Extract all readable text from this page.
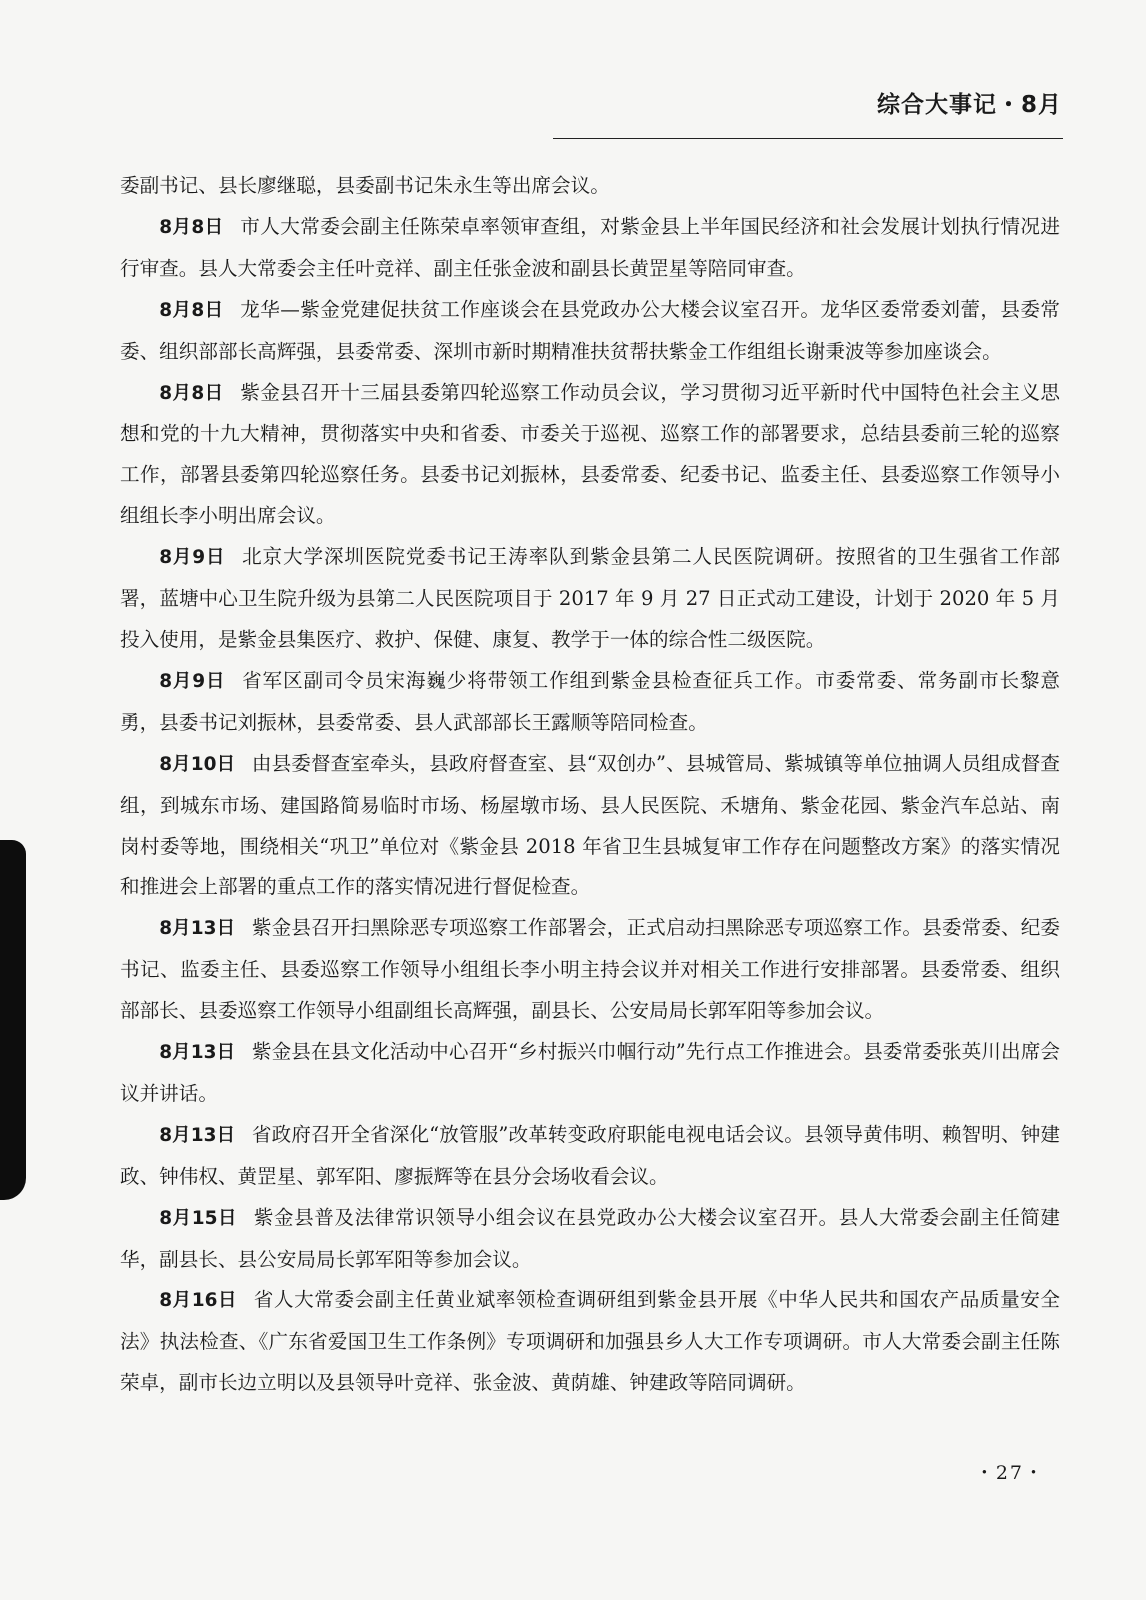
综合大事记・8月

委副书记、县长廖继聪，县委副书记朱永生等出席会议。

8月8日 市人大常委会副主任陈荣卓率领审查组，对紫金县上半年国民经济和社会发展计划执行情况进行审查。县人大常委会主任叶竞祥、副主任张金波和副县长黄罡星等陪同审查。

8月8日 龙华—紫金党建促扶贫工作座谈会在县党政办公大楼会议室召开。龙华区委常委刘蕾，县委常委、组织部部长高辉强，县委常委、深圳市新时期精准扶贫帮扶紫金工作组组长谢秉波等参加座谈会。

8月8日 紫金县召开十三届县委第四轮巡察工作动员会议，学习贯彻习近平新时代中国特色社会主义思想和党的十九大精神，贯彻落实中央和省委、市委关于巡视、巡察工作的部署要求，总结县委前三轮的巡察工作，部署县委第四轮巡察任务。县委书记刘振林，县委常委、纪委书记、监委主任、县委巡察工作领导小组组长李小明出席会议。

8月9日 北京大学深圳医院党委书记王涛率队到紫金县第二人民医院调研。按照省的卫生强省工作部署，蓝塘中心卫生院升级为县第二人民医院项目于 2017 年 9 月 27 日正式动工建设，计划于 2020 年 5 月投入使用，是紫金县集医疗、救护、保健、康复、教学于一体的综合性二级医院。

8月9日 省军区副司令员宋海巍少将带领工作组到紫金县检查征兵工作。市委常委、常务副市长黎意勇，县委书记刘振林，县委常委、县人武部部长王露顺等陪同检查。

8月10日 由县委督查室牵头，县政府督查室、县“双创办”、县城管局、紫城镇等单位抽调人员组成督查组，到城东市场、建国路简易临时市场、杨屋墩市场、县人民医院、禾塘角、紫金花园、紫金汽车总站、南岗村委等地，围绕相关“巩卫”单位对《紫金县 2018 年省卫生县城复审工作存在问题整改方案》的落实情况和推进会上部署的重点工作的落实情况进行督促检查。

8月13日 紫金县召开扫黑除恶专项巡察工作部署会，正式启动扫黑除恶专项巡察工作。县委常委、纪委书记、监委主任、县委巡察工作领导小组组长李小明主持会议并对相关工作进行安排部署。县委常委、组织部部长、县委巡察工作领导小组副组长高辉强，副县长、公安局局长郭军阳等参加会议。

8月13日 紫金县在县文化活动中心召开“乡村振兴巾帼行动”先行点工作推进会。县委常委张英川出席会议并讲话。

8月13日 省政府召开全省深化“放管服”改革转变政府职能电视电话会议。县领导黄伟明、赖智明、钟建政、钟伟权、黄罡星、郭军阳、廖振辉等在县分会场收看会议。

8月15日 紫金县普及法律常识领导小组会议在县党政办公大楼会议室召开。县人大常委会副主任简建华，副县长、县公安局局长郭军阳等参加会议。

8月16日 省人大常委会副主任黄业斌率领检查调研组到紫金县开展《中华人民共和国农产品质量安全法》执法检查、《广东省爱国卫生工作条例》专项调研和加强县乡人大工作专项调研。市人大常委会副主任陈荣卓，副市长边立明以及县领导叶竞祥、张金波、黄荫雄、钟建政等陪同调研。

・27・
